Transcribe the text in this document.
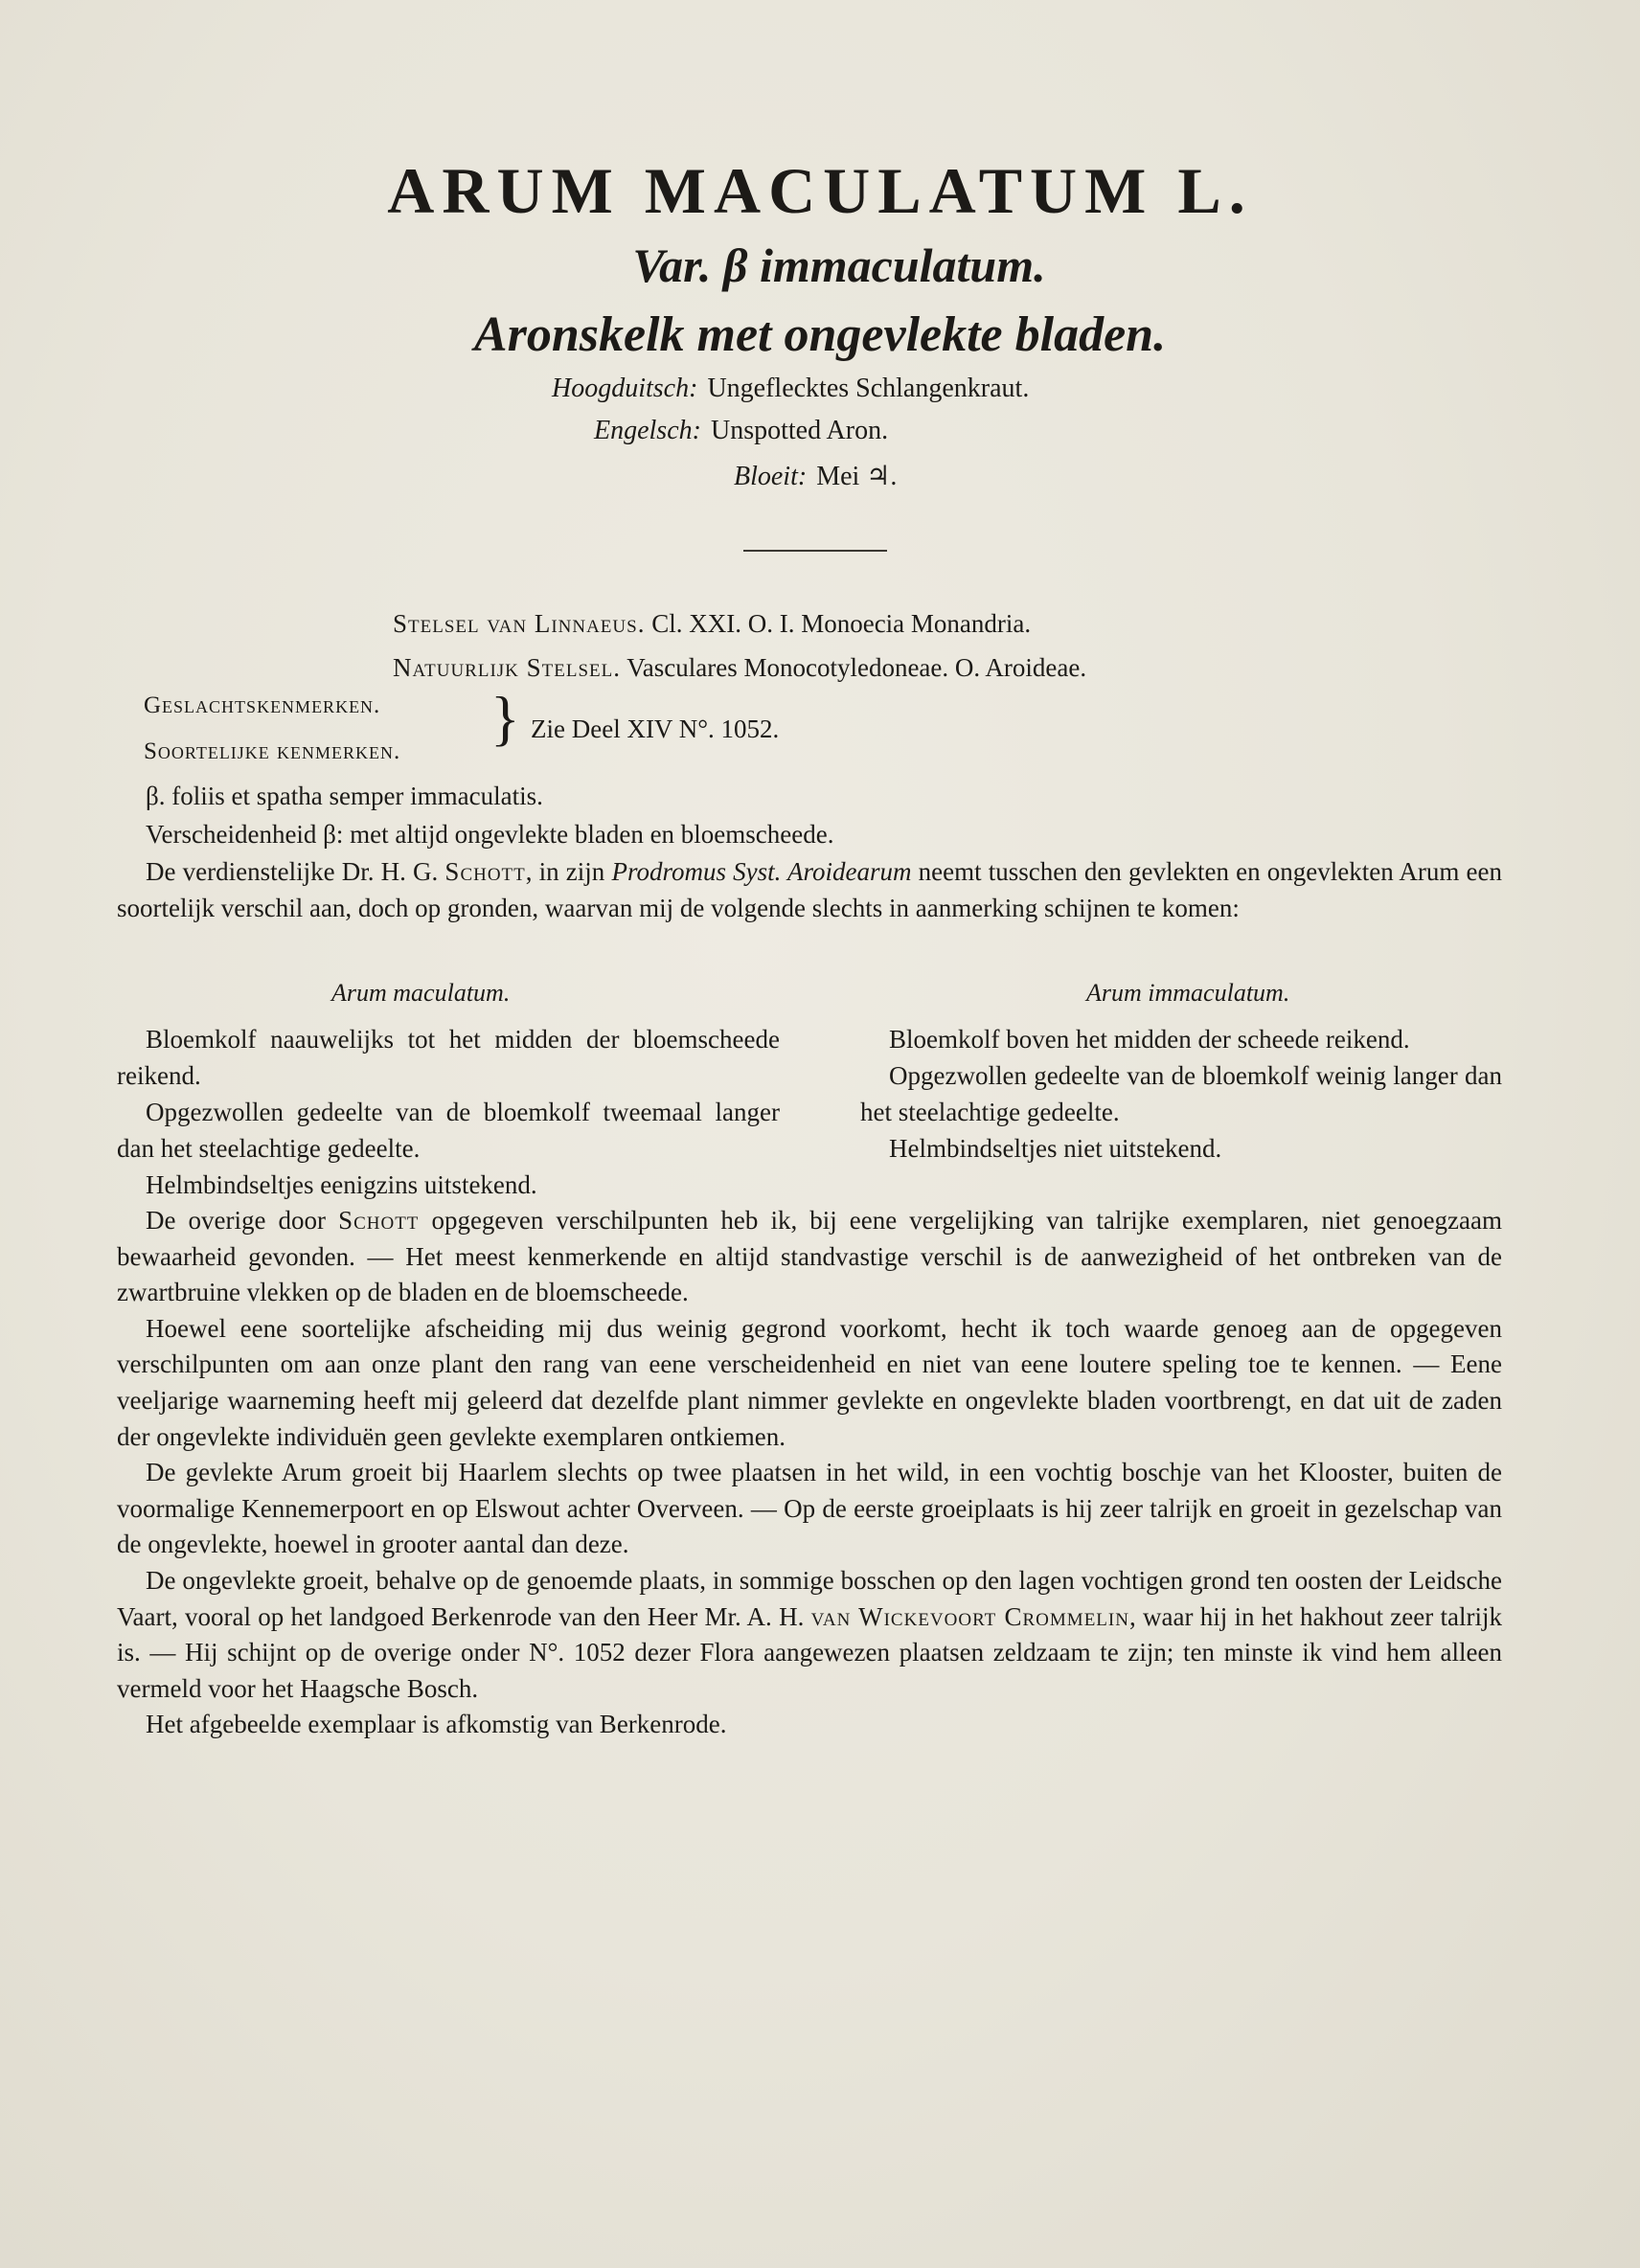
ARUM MACULATUM L.
Var. β immaculatum.
Aronskelk met ongevlekte bladen.
Hoogduitsch: Ungeflecktes Schlangenkraut.
Engelsch: Unspotted Aron.
Bloeit: Mei ♃.
Stelsel van Linnaeus. Cl. XXI. O. I. Monoecia Monandria.
Natuurlijk Stelsel. Vasculares Monocotyledoneae. O. Aroideae.
Geslachtskenmerken.
Soortelijke kenmerken. } Zie Deel XIV N°. 1052.
β. foliis et spatha semper immaculatis.
Verscheidenheid β: met altijd ongevlekte bladen en bloemscheede.

De verdienstelijke Dr. H. G. Schott, in zijn Prodromus Syst. Aroidearum neemt tusschen den gevlekten en ongevlekten Arum een soortelijk verschil aan, doch op gronden, waarvan mij de volgende slechts in aanmerking schijnen te komen:

Arum maculatum.	Arum immaculatum.

Bloemkolf naauwelijks tot het midden der bloemscheede reikend.

Opgezwollen gedeelte van de bloemkolf tweemaal langer dan het steelachtige gedeelte.

Helmbindseltjes eenigzins uitstekend.

Bloemkolf boven het midden der scheede reikend.

Opgezwollen gedeelte van de bloemkolf weinig langer dan het steelachtige gedeelte.

Helmbindseltjes niet uitstekend.

De overige door Schott opgegeven verschilpunten heb ik, bij eene vergelijking van talrijke exemplaren, niet genoegzaam bewaarheid gevonden. — Het meest kenmerkende en altijd standvastige verschil is de aanwezigheid of het ontbreken van de zwartbruine vlekken op de bladen en de bloemscheede.

Hoewel eene soortelijke afscheiding mij dus weinig gegrond voorkomt, hecht ik toch waarde genoeg aan de opgegeven verschilpunten om aan onze plant den rang van eene verscheidenheid en niet van eene loutere speling toe te kennen. — Eene veeljarige waarneming heeft mij geleerd dat dezelfde plant nimmer gevlekte en ongevlekte bladen voortbrengt, en dat uit de zaden der ongevlekte individuën geen gevlekte exemplaren ontkiemen.

De gevlekte Arum groeit bij Haarlem slechts op twee plaatsen in het wild, in een vochtig boschje van het Klooster, buiten de voormalige Kennemerpoort en op Elswout achter Overveen. — Op de eerste groeiplaats is hij zeer talrijk en groeit in gezelschap van de ongevlekte, hoewel in grooter aantal dan deze.

De ongevlekte groeit, behalve op de genoemde plaats, in sommige bosschen op den lagen vochtigen grond ten oosten der Leidsche Vaart, vooral op het landgoed Berkenrode van den Heer Mr. A. H. van Wickevoort Crommelin, waar hij in het hakhout zeer talrijk is. — Hij schijnt op de overige onder N°. 1052 dezer Flora aangewezen plaatsen zeldzaam te zijn; ten minste ik vind hem alleen vermeld voor het Haagsche Bosch.

Het afgebeelde exemplaar is afkomstig van Berkenrode.
